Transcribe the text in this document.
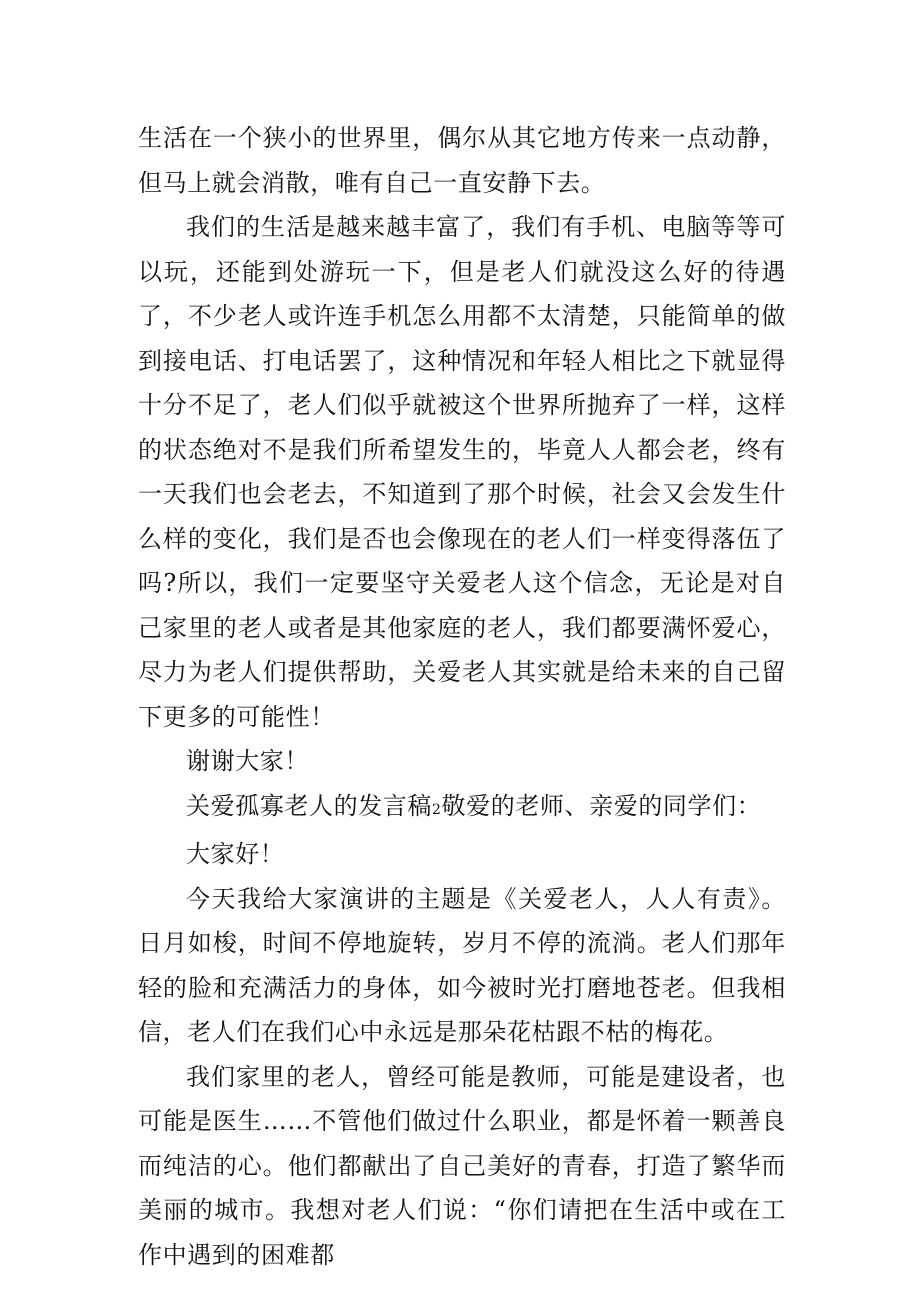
生活在一个狭小的世界里，偶尔从其它地方传来一点动静，但马上就会消散，唯有自己一直安静下去。

我们的生活是越来越丰富了，我们有手机、电脑等等可以玩，还能到处游玩一下，但是老人们就没这么好的待遇了，不少老人或许连手机怎么用都不太清楚，只能简单的做到接电话、打电话罢了，这种情况和年轻人相比之下就显得十分不足了，老人们似乎就被这个世界所抛弃了一样，这样的状态绝对不是我们所希望发生的，毕竟人人都会老，终有一天我们也会老去，不知道到了那个时候，社会又会发生什么样的变化，我们是否也会像现在的老人们一样变得落伍了吗?所以，我们一定要坚守关爱老人这个信念，无论是对自己家里的老人或者是其他家庭的老人，我们都要满怀爱心，尽力为老人们提供帮助，关爱老人其实就是给未来的自己留下更多的可能性！

谢谢大家！

关爱孤寡老人的发言稿2敬爱的老师、亲爱的同学们：

大家好！

今天我给大家演讲的主题是《关爱老人，人人有责》。日月如梭，时间不停地旋转，岁月不停的流淌。老人们那年轻的脸和充满活力的身体，如今被时光打磨地苍老。但我相信，老人们在我们心中永远是那朵花枯跟不枯的梅花。

我们家里的老人，曾经可能是教师，可能是建设者，也可能是医生……不管他们做过什么职业，都是怀着一颗善良而纯洁的心。他们都献出了自己美好的青春，打造了繁华而美丽的城市。我想对老人们说：“你们请把在生活中或在工作中遇到的困难都
